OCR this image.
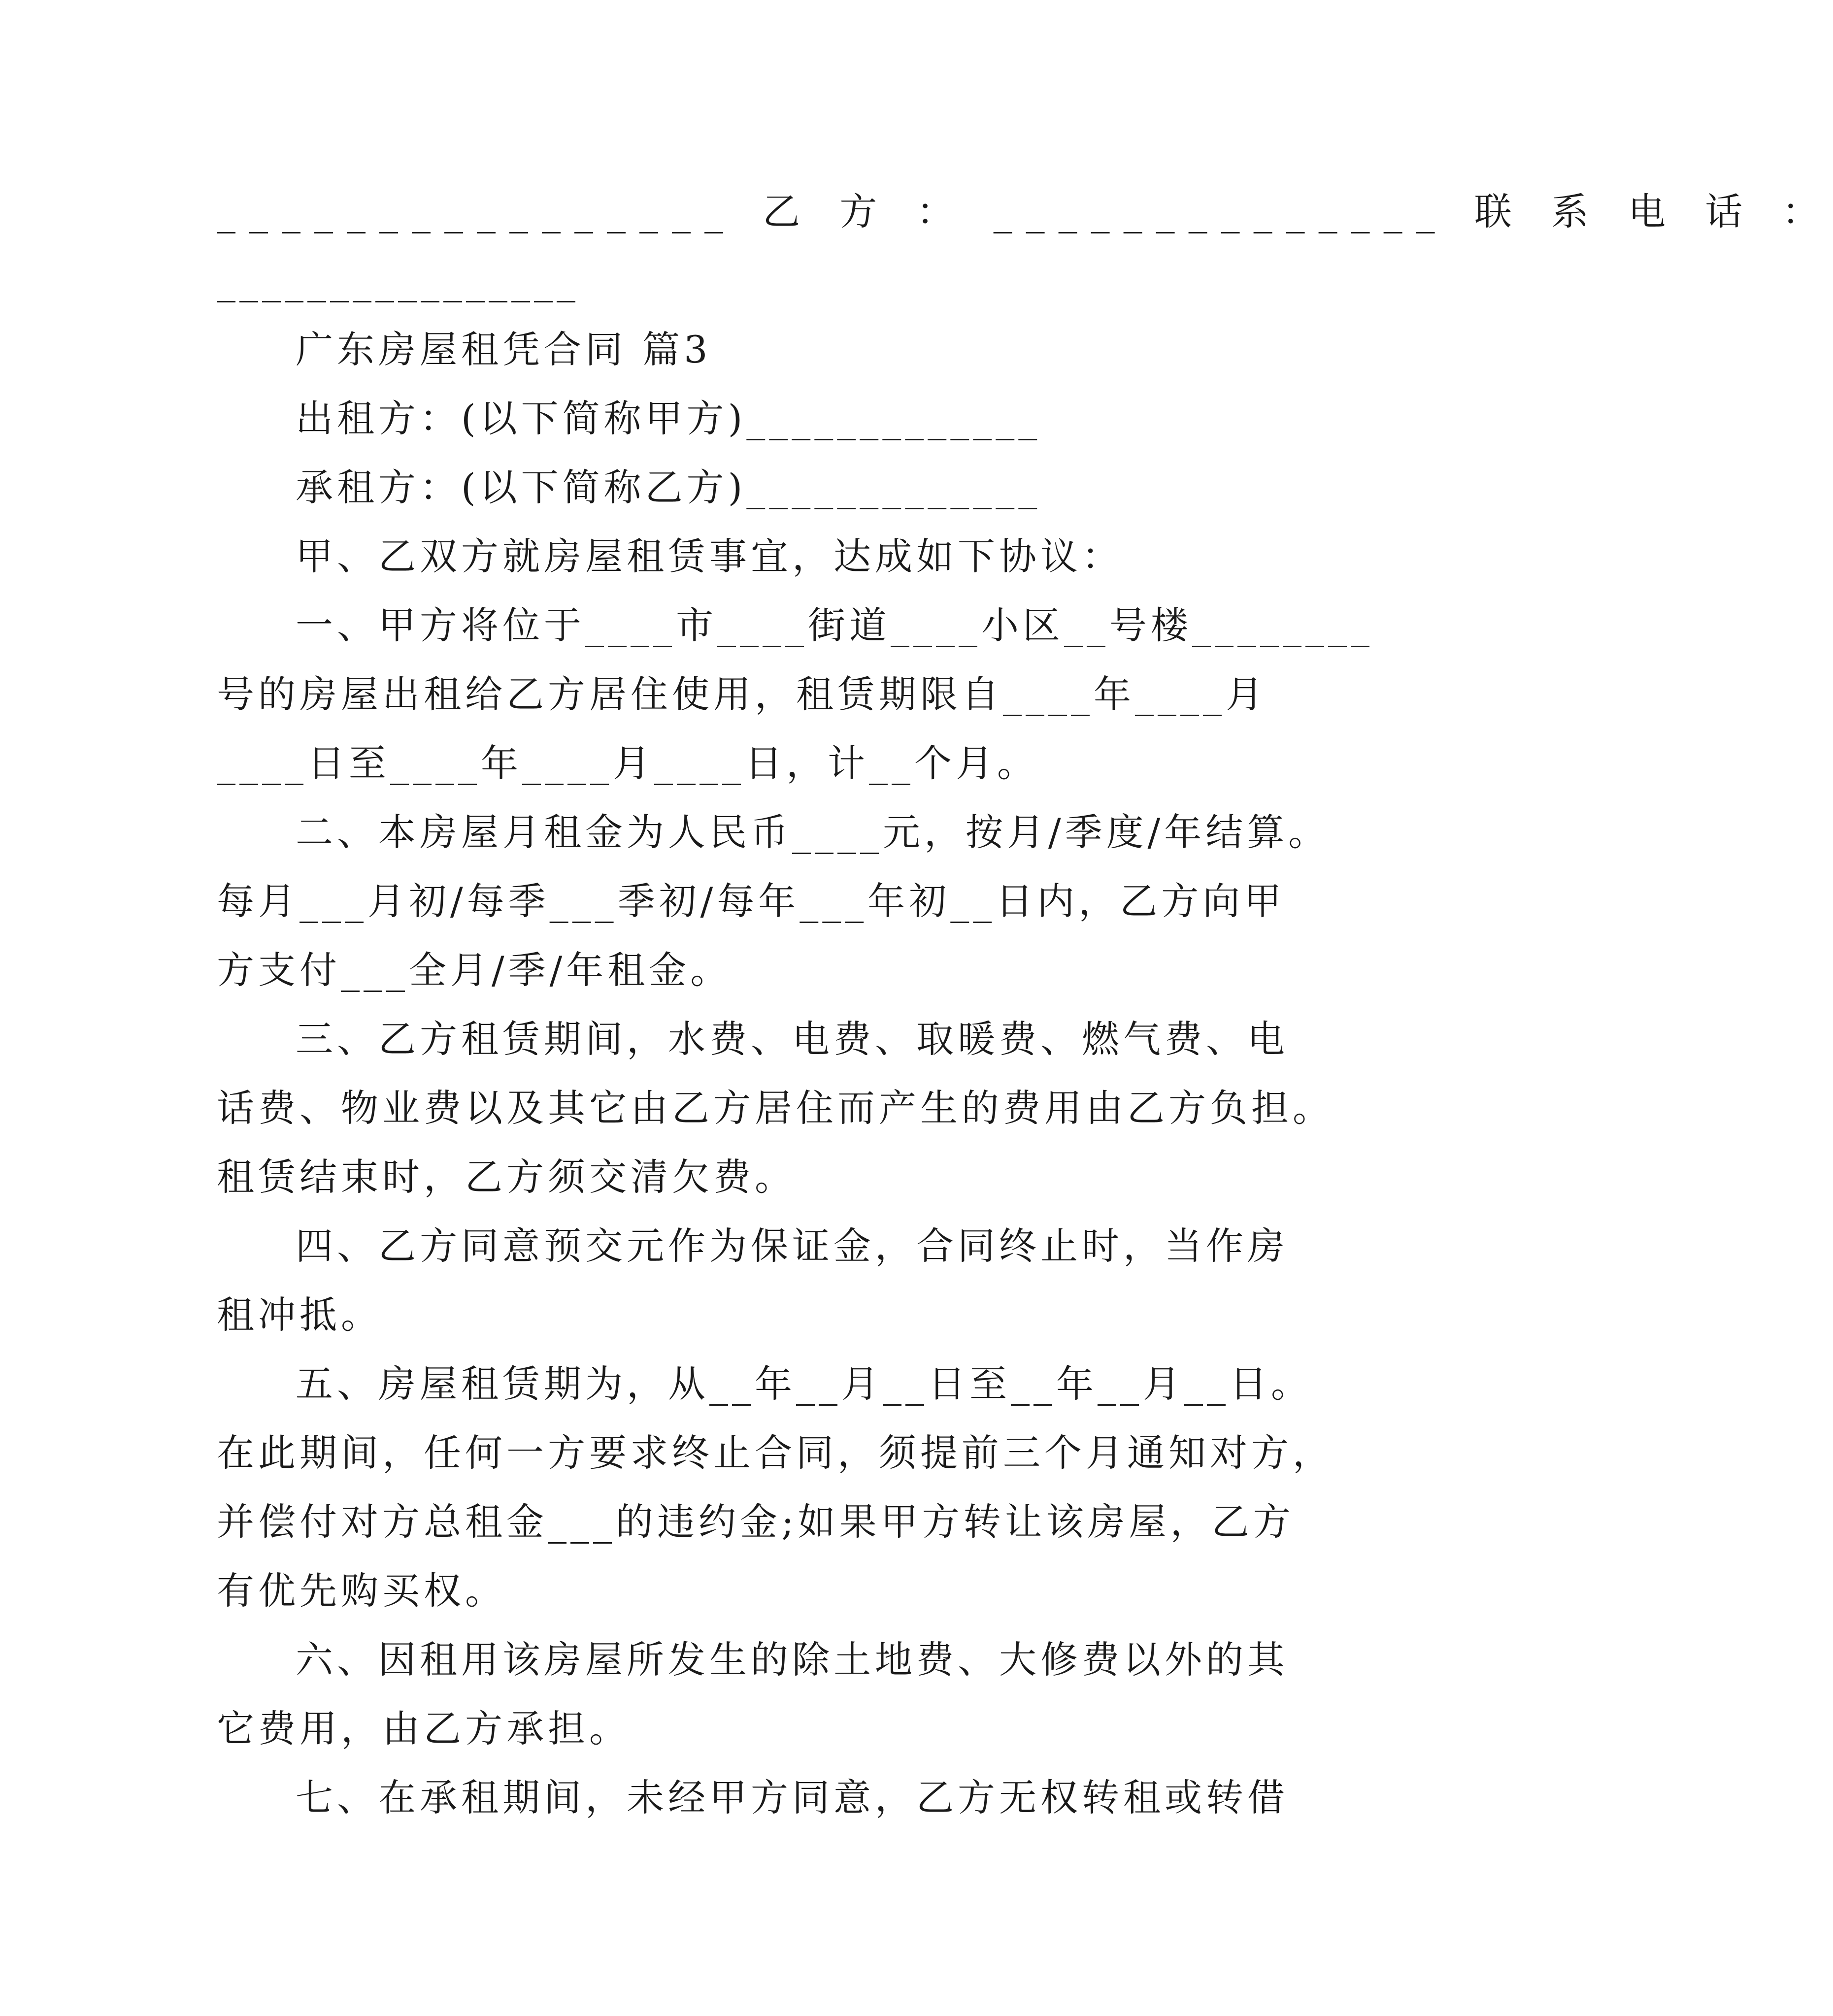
________________ 乙 方 ： ______________ 联 系 电 话 ：
________________
广东房屋租凭合同 篇3
出租方：(以下简称甲方)_____________
承租方：(以下简称乙方)_____________
甲、乙双方就房屋租赁事宜，达成如下协议：
一、甲方将位于____市____街道____小区__号楼________
号的房屋出租给乙方居住使用，租赁期限自____年____月
____日至____年____月____日，计__个月。
二、本房屋月租金为人民币____元，按月/季度/年结算。
每月___月初/每季___季初/每年___年初__日内，乙方向甲
方支付___全月/季/年租金。
三、乙方租赁期间，水费、电费、取暖费、燃气费、电
话费、物业费以及其它由乙方居住而产生的费用由乙方负担。
租赁结束时，乙方须交清欠费。
四、乙方同意预交元作为保证金，合同终止时，当作房
租冲抵。
五、房屋租赁期为，从__年__月__日至__年__月__日。
在此期间，任何一方要求终止合同，须提前三个月通知对方，
并偿付对方总租金___的违约金;如果甲方转让该房屋，乙方
有优先购买权。
六、因租用该房屋所发生的除土地费、大修费以外的其
它费用，由乙方承担。
七、在承租期间，未经甲方同意，乙方无权转租或转借
